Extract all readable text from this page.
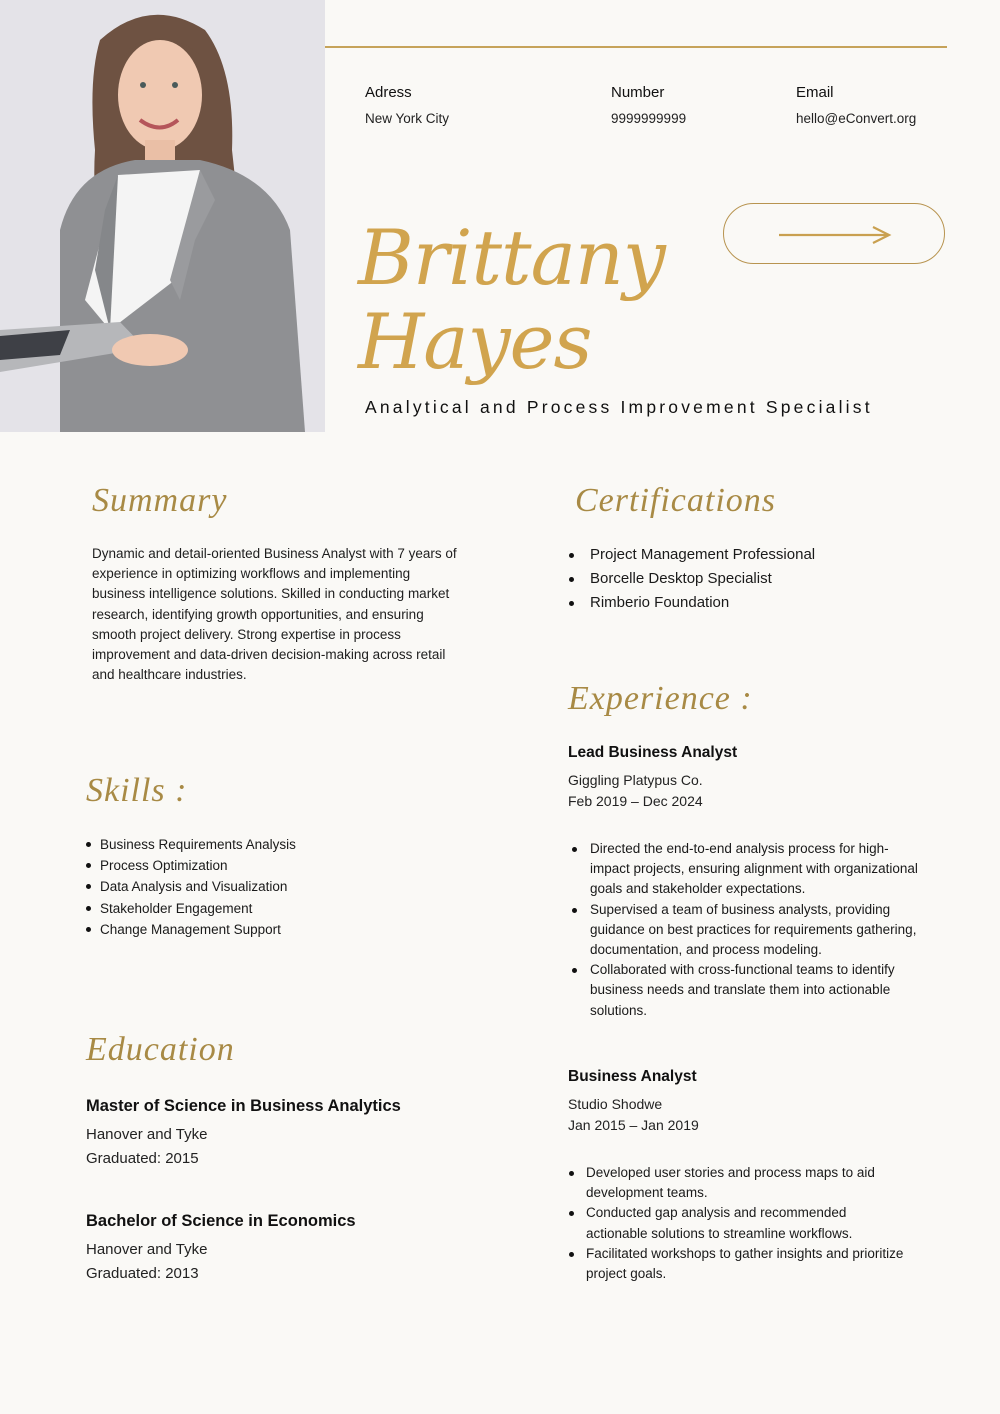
Adress
New York City
Number
9999999999
Email
hello@eConvert.org
Brittany
Hayes
Analytical and Process Improvement Specialist
Summary
Dynamic and detail-oriented Business Analyst with 7 years of experience in optimizing workflows and implementing business intelligence solutions. Skilled in conducting market research, identifying growth opportunities, and ensuring smooth project delivery. Strong expertise in process improvement and data-driven decision-making across retail and healthcare industries.
Skills :
Business Requirements Analysis
Process Optimization
Data Analysis and Visualization
Stakeholder Engagement
Change Management Support
Education
Master of Science in Business Analytics
Hanover and Tyke
Graduated: 2015
Bachelor of Science in Economics
Hanover and Tyke
Graduated: 2013
Certifications
Project Management Professional
Borcelle Desktop Specialist
Rimberio Foundation
Experience :
Lead Business Analyst
Giggling Platypus Co.
Feb 2019 – Dec 2024
Directed the end-to-end analysis process for high-impact projects, ensuring alignment with organizational goals and stakeholder expectations.
Supervised a team of business analysts, providing guidance on best practices for requirements gathering, documentation, and process modeling.
Collaborated with cross-functional teams to identify business needs and translate them into actionable solutions.
Business Analyst
Studio Shodwe
Jan 2015 – Jan 2019
Developed user stories and process maps to aid development teams.
Conducted gap analysis and recommended actionable solutions to streamline workflows.
Facilitated workshops to gather insights and prioritize project goals.
